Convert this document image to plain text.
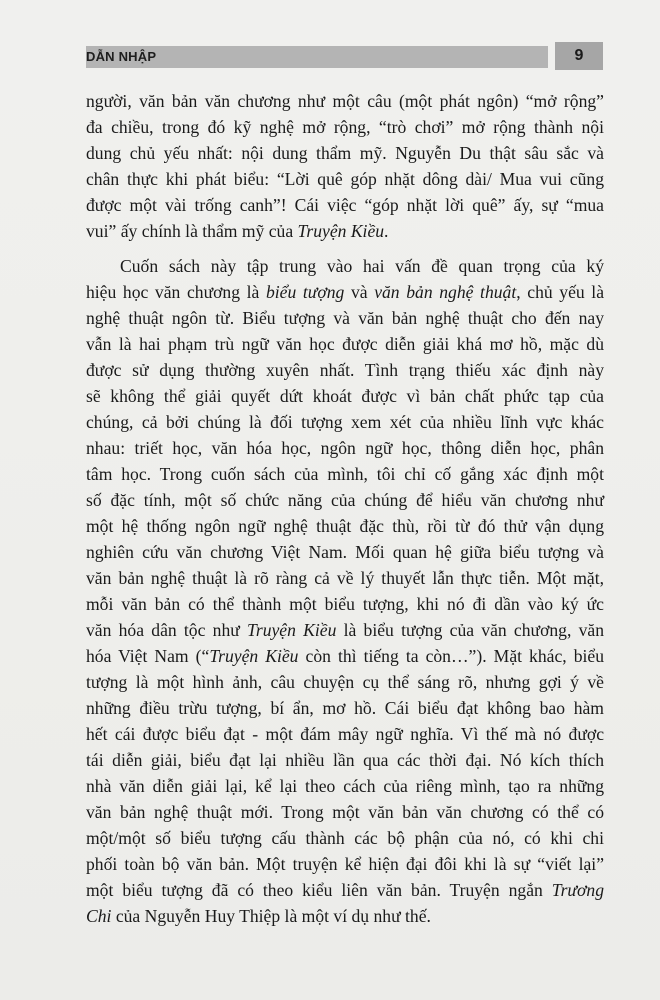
DẪN NHẬP	9
người, văn bản văn chương như một câu (một phát ngôn) “mở rộng”
đa chiều, trong đó kỹ nghệ mở rộng, “trò chơi” mở rộng thành nội
dung chủ yếu nhất: nội dung thẩm mỹ. Nguyễn Du thật sâu sắc và
chân thực khi phát biểu: “Lời quê góp nhặt dông dài/ Mua vui cũng
được một vài trống canh”! Cái việc “góp nhặt lời quê” ấy, sự “mua
vui” ấy chính là thẩm mỹ của Truyện Kiều.
Cuốn sách này tập trung vào hai vấn đề quan trọng của ký
hiệu học văn chương là biểu tượng và văn bản nghệ thuật, chủ yếu là
nghệ thuật ngôn từ. Biểu tượng và văn bản nghệ thuật cho đến nay
vẫn là hai phạm trù ngữ văn học được diễn giải khá mơ hồ, mặc dù
được sử dụng thường xuyên nhất. Tình trạng thiếu xác định này
sẽ không thể giải quyết dứt khoát được vì bản chất phức tạp của
chúng, cả bởi chúng là đối tượng xem xét của nhiều lĩnh vực khác
nhau: triết học, văn hóa học, ngôn ngữ học, thông diễn học, phân
tâm học. Trong cuốn sách của mình, tôi chỉ cố gắng xác định một
số đặc tính, một số chức năng của chúng để hiểu văn chương như
một hệ thống ngôn ngữ nghệ thuật đặc thù, rồi từ đó thử vận dụng
nghiên cứu văn chương Việt Nam. Mối quan hệ giữa biểu tượng và
văn bản nghệ thuật là rõ ràng cả về lý thuyết lẫn thực tiễn. Một mặt,
mỗi văn bản có thể thành một biểu tượng, khi nó đi dần vào ký ức
văn hóa dân tộc như Truyện Kiều là biểu tượng của văn chương, văn
hóa Việt Nam (“Truyện Kiều còn thì tiếng ta còn…”). Mặt khác, biểu
tượng là một hình ảnh, câu chuyện cụ thể sáng rõ, nhưng gợi ý về
những điều trừu tượng, bí ẩn, mơ hồ. Cái biểu đạt không bao hàm
hết cái được biểu đạt - một đám mây ngữ nghĩa. Vì thế mà nó được
tái diễn giải, biểu đạt lại nhiều lần qua các thời đại. Nó kích thích
nhà văn diễn giải lại, kể lại theo cách của riêng mình, tạo ra những
văn bản nghệ thuật mới. Trong một văn bản văn chương có thể có
một/một số biểu tượng cấu thành các bộ phận của nó, có khi chi
phối toàn bộ văn bản. Một truyện kể hiện đại đôi khi là sự “viết lại”
một biểu tượng đã có theo kiểu liên văn bản. Truyện ngắn Trương
Chi của Nguyễn Huy Thiệp là một ví dụ như thế.
